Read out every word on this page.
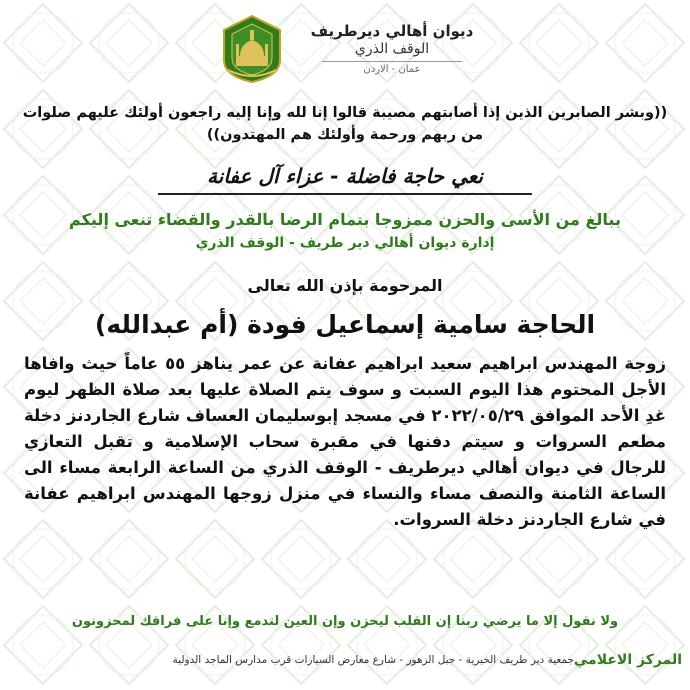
ديوان أهالي ديرطريف
الوقف الذري
عمان - الاردن
((وبشر الصابرين الذين إذا أصابتهم مصيبة قالوا إنا لله وإنا إليه راجعون أولئك عليهم صلوات من ربهم ورحمة وأولئك هم المهتدون))
نعي حاجة فاضلة - عزاء آل عفانة
ببالغ من الأسى والحزن ممزوجا بتمام الرضا بالقدر والقضاء تنعى إليكم
إدارة ديوان أهالي دير طريف - الوقف الذري
المرحومة بإذن الله تعالى
الحاجة سامية إسماعيل فودة (أم عبدالله)
زوجة المهندس ابراهيم سعيد ابراهيم عفانة عن عمر يناهز ٥٥ عاماً حيث وافاها الأجل المحتوم هذا اليوم السبت و سوف يتم الصلاة عليها بعد صلاة الظهر ليوم غدِ الأحد الموافق ٢٠٢٢/٠٥/٢٩ في مسجد إبوسليمان العساف شارع الجاردنز دخلة مطعم السروات و سيتم دفنها في مقبرة سحاب الإسلامية و تقبل التعازي للرجال في ديوان أهالي ديرطريف - الوقف الذري من الساعة الرابعة مساء الى الساعة الثامنة والنصف مساء والنساء في منزل زوجها المهندس ابراهيم عفانة في شارع الجاردنز دخلة السروات.
ولا نقول إلا ما يرضي ربنا إن القلب ليحزن وإن العين لتدمع وإنا على فراقك لمحزونون
المركز الاعلامي
جمعية دير طريف الخيرية - جبل الزهور - شارع معارض السيارات قرب مدارس الماجد الدولية
